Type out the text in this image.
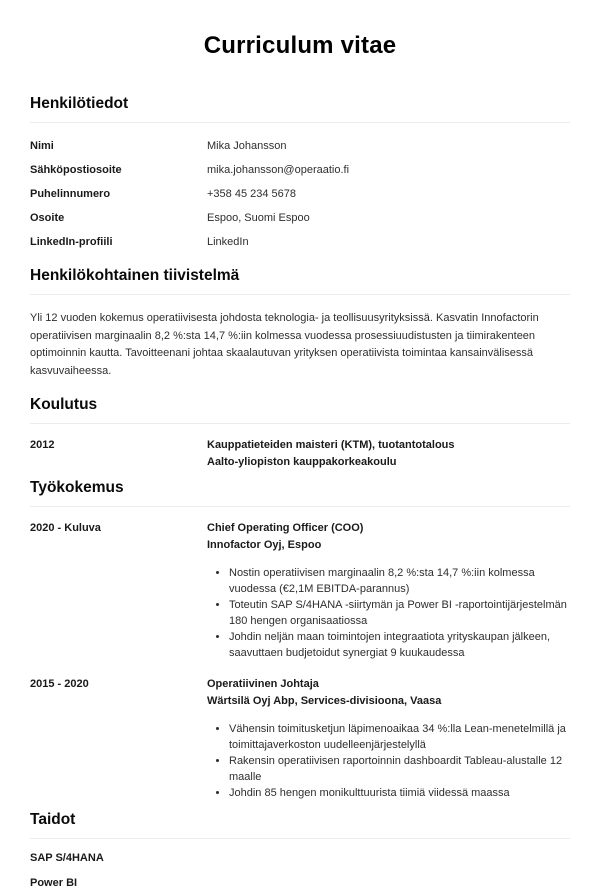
Curriculum vitae
Henkilötiedot
Nimi	Mika Johansson
Sähköpostiosoite	mika.johansson@operaatio.fi
Puhelinnumero	+358 45 234 5678
Osoite	Espoo, Suomi Espoo
LinkedIn-profiili	LinkedIn
Henkilökohtainen tiivistelmä

Yli 12 vuoden kokemus operatiivisesta johdosta teknologia- ja teollisuusyrityksissä. Kasvatin Innofactorin operatiivisen marginaalin 8,2 %:sta 14,7 %:iin kolmessa vuodessa prosessiuudistusten ja tiimirakenteen optimoinnin kautta. Tavoitteenani johtaa skaalautuvan yrityksen operatiivista toimintaa kansainvälisessä kasvuvaiheessa.

Koulutus
2012	Kauppatieteiden maisteri (KTM), tuotantotalous
Aalto-yliopiston kauppakorkeakoulu
Työkokemus
2020 - Kuluva	Chief Operating Officer (COO)
Innofactor Oyj, Espoo
• Nostin operatiivisen marginaalin 8,2 %:sta 14,7 %:iin kolmessa vuodessa (€2,1M EBITDA-parannus)
• Toteutin SAP S/4HANA -siirtymän ja Power BI -raportointijärjestelmän 180 hengen organisaatiossa
• Johdin neljän maan toimintojen integraatiota yrityskaupan jälkeen, saavuttaen budjetoidut synergiat 9 kuukaudessa
2015 - 2020	Operatiivinen Johtaja
Wärtsilä Oyj Abp, Services-divisioona, Vaasa
• Vähensin toimitusketjun läpimenoaikaa 34 %:lla Lean-menetelmillä ja toimittajaverkoston uudelleenjärjestelyllä
• Rakensin operatiivisen raportoinnin dashboardit Tableau-alustalle 12 maalle
• Johdin 85 hengen monikulttuurista tiimiä viidessä maassa
Taidot
SAP S/4HANA
Power BI
